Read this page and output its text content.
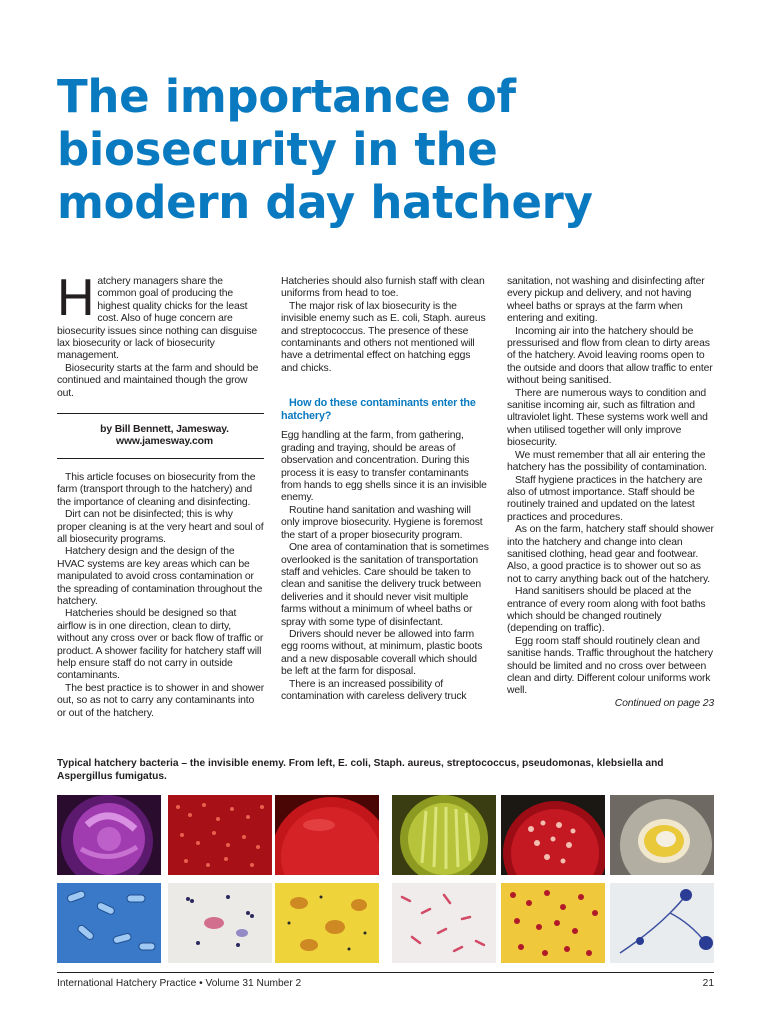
The importance of biosecurity in the modern day hatchery

Hatchery managers share the common goal of producing the highest quality chicks for the least cost. Also of huge concern are biosecurity issues since nothing can disguise lax biosecurity or lack of biosecurity management.

Biosecurity starts at the farm and should be continued and maintained though the grow out.

by Bill Bennett, Jamesway.

www.jamesway.com

This article focuses on biosecurity from the farm (transport through to the hatchery) and the importance of cleaning and disinfecting.

Dirt can not be disinfected; this is why proper cleaning is at the very heart and soul of all biosecurity programs.

Hatchery design and the design of the HVAC systems are key areas which can be manipulated to avoid cross contamination or the spreading of contamination throughout the hatchery.

Hatcheries should be designed so that airflow is in one direction, clean to dirty, without any cross over or back flow of traffic or product. A shower facility for hatchery staff will help ensure staff do not carry in outside contaminants.

The best practice is to shower in and shower out, so as not to carry any contaminants into or out of the hatchery.

Hatcheries should also furnish staff with clean uniforms from head to toe.

The major risk of lax biosecurity is the invisible enemy such as E. coli, Staph. aureus and streptococcus. The presence of these contaminants and others not mentioned will have a detrimental effect on hatching eggs and chicks.

How do these contaminants enter the hatchery?

Egg handling at the farm, from gathering, grading and traying, should be areas of observation and concentration. During this process it is easy to transfer contaminants from hands to egg shells since it is an invisible enemy.

Routine hand sanitation and washing will only improve biosecurity. Hygiene is foremost the start of a proper biosecurity program.

One area of contamination that is sometimes overlooked is the sanitation of transportation staff and vehicles. Care should be taken to clean and sanitise the delivery truck between deliveries and it should never visit multiple farms without a minimum of wheel baths or spray with some type of disinfectant.

Drivers should never be allowed into farm egg rooms without, at minimum, plastic boots and a new disposable coverall which should be left at the farm for disposal.

There is an increased possibility of contamination with careless delivery truck

sanitation, not washing and disinfecting after every pickup and delivery, and not having wheel baths or sprays at the farm when entering and exiting.

Incoming air into the hatchery should be pressurised and flow from clean to dirty areas of the hatchery. Avoid leaving rooms open to the outside and doors that allow traffic to enter without being sanitised.

There are numerous ways to condition and sanitise incoming air, such as filtration and ultraviolet light. These systems work well and when utilised together will only improve biosecurity.

We must remember that all air entering the hatchery has the possibility of contamination.

Staff hygiene practices in the hatchery are also of utmost importance. Staff should be routinely trained and updated on the latest practices and procedures.

As on the farm, hatchery staff should shower into the hatchery and change into clean sanitised clothing, head gear and footwear. Also, a good practice is to shower out so as not to carry anything back out of the hatchery.

Hand sanitisers should be placed at the entrance of every room along with foot baths which should be changed routinely (depending on traffic).

Egg room staff should routinely clean and sanitise hands. Traffic throughout the hatchery should be limited and no cross over between clean and dirty. Different colour uniforms work well.

Continued on page 23

Typical hatchery bacteria – the invisible enemy. From left, E. coli, Staph. aureus, streptococcus, pseudomonas, klebsiella and Aspergillus fumigatus.

International Hatchery Practice • Volume 31 Number 2	21
